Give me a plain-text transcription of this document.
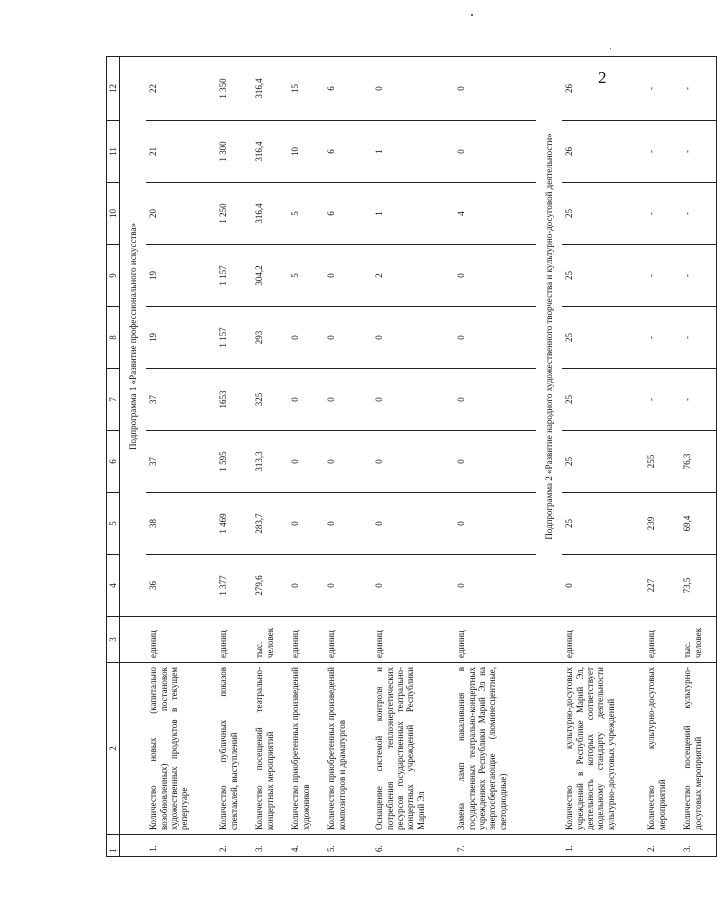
2
1	2	3	4	5	6	7	8	9	10	11	12
			Подпрограмма 1 «Развитие профессионального искусства»								
1.	Количество новых (капитально возобновленных) постановок художественных продуктов в текущем репертуаре	единиц	36	38	37	37	19	19	20	21	22
2.	Количество публичных показов спектаклей, выступлений	единиц	1 377	1 469	1 595	1653	1 157	1 157	1 250	1 300	1 350
3.	Количество посещений театрально-концертных мероприятий	тыс. человек	279,6	283,7	313,3	325	293	304,2	316,4	316,4	316,4
4.	Количество приобретенных произведений художников	единиц	0	0	0	0	0	5	5	10	15
5.	Количество приобретенных произведений композиторов и драматургов	единиц	0	0	0	0	0	0	6	6	6
6.	Оснащение системой контроля и потребления теплоэнергетических ресурсов государственных театрально-концертных учреждений Республики Марий Эл	единиц	0	0	0	0	0	2	1	1	0
7.	Замена ламп накаливания в государственных театрально-концертных учреждениях Республики Марий Эл на энергосберегающие (люминесцентные, светодиодные)	единиц	0	0	0	0	0	0	4	0	0
			Подпрограмма 2 «Развитие народного художественного творчества и культурно-досуговой деятельности»								
1.	Количество культурно-досуговых учреждений в Республике Марий Эл, деятельность которых соответствует модельному стандарту деятельности культурно-досуговых учреждений	единиц	0	25	25	25	25	25	25	26	26
2.	Количество культурно-досуговых мероприятий	единиц	227	239	255	-	-	-	-	-	-
3.	Количество посещений культурно-досуговых мероприятий	тыс. человек	73,5	69,4	76,3	-	-	-	-	-	-
